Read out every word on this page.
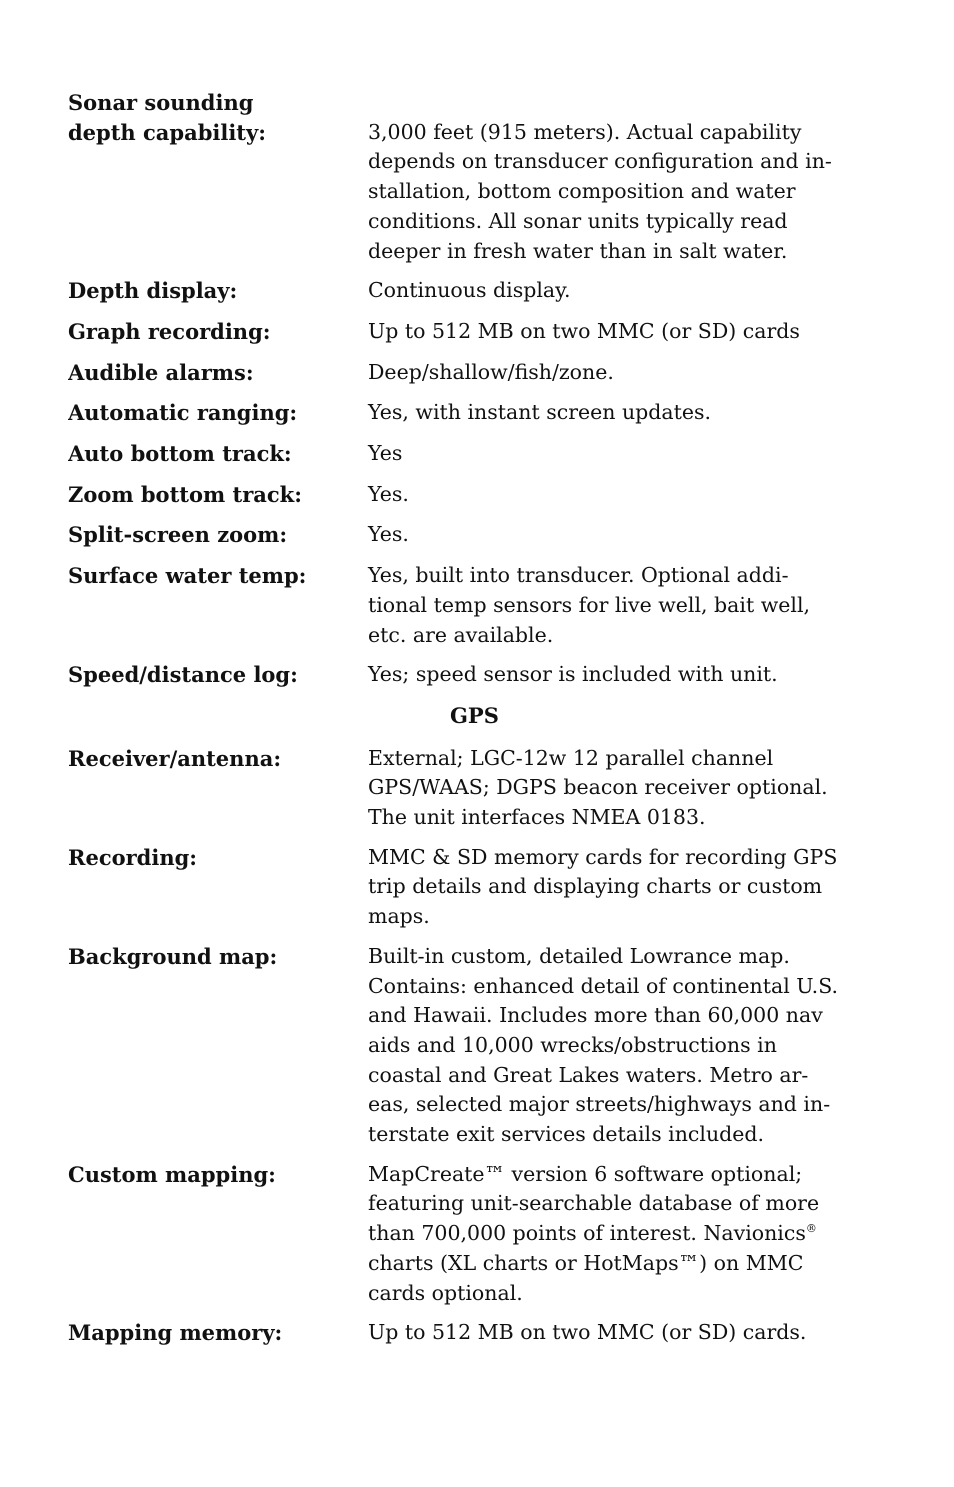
Sonar sounding
depth capability:	3,000 feet (915 meters). Actual capability
depends on transducer configuration and in-
stallation, bottom composition and water
conditions. All sonar units typically read
deeper in fresh water than in salt water.
Depth display:	Continuous display.
Graph recording:	Up to 512 MB on two MMC (or SD) cards
Audible alarms:	Deep/shallow/fish/zone.
Automatic ranging:	Yes, with instant screen updates.
Auto bottom track:	Yes
Zoom bottom track:	Yes.
Split-screen zoom:	Yes.
Surface water temp:	Yes, built into transducer. Optional addi-
tional temp sensors for live well, bait well,
etc. are available.
Speed/distance log:	Yes; speed sensor is included with unit.
GPS
Receiver/antenna:	External; LGC-12w 12 parallel channel
GPS/WAAS; DGPS beacon receiver optional.
The unit interfaces NMEA 0183.
Recording:	MMC & SD memory cards for recording GPS
trip details and displaying charts or custom
maps.
Background map:	Built-in custom, detailed Lowrance map.
Contains: enhanced detail of continental U.S.
and Hawaii. Includes more than 60,000 nav
aids and 10,000 wrecks/obstructions in
coastal and Great Lakes waters. Metro ar-
eas, selected major streets/highways and in-
terstate exit services details included.
Custom mapping:	MapCreate™ version 6 software optional;
featuring unit-searchable database of more
than 700,000 points of interest. Navionics®
charts (XL charts or HotMaps™) on MMC
cards optional.
Mapping memory:	Up to 512 MB on two MMC (or SD) cards.
